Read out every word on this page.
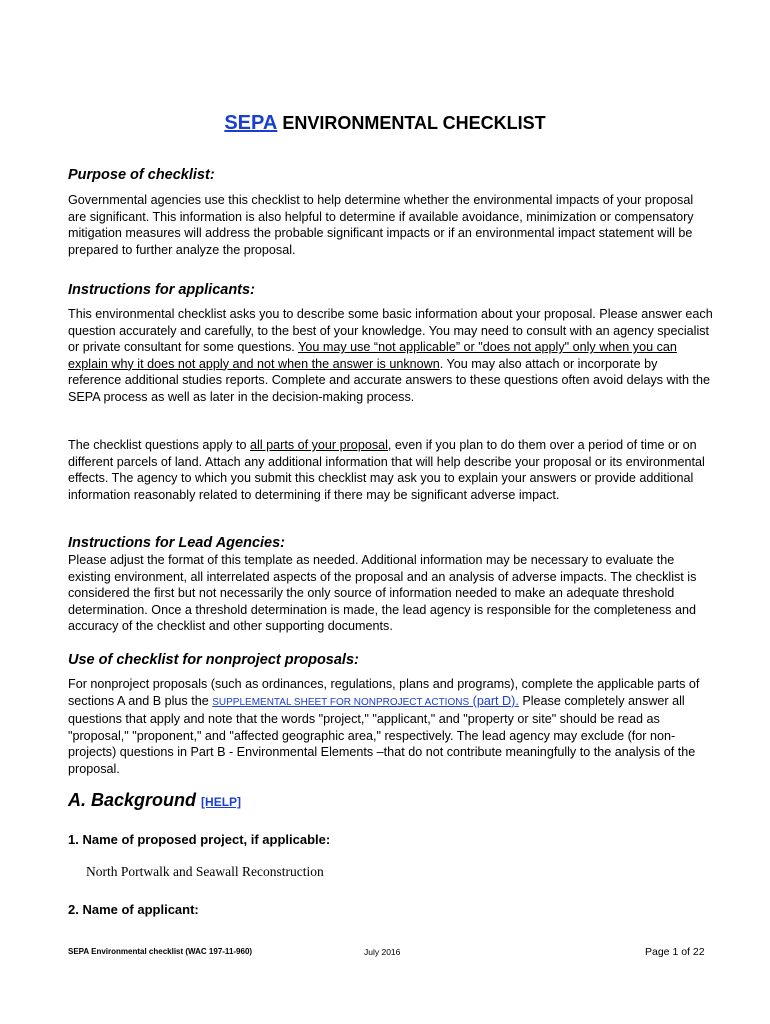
SEPA ENVIRONMENTAL CHECKLIST
Purpose of checklist:
Governmental agencies use this checklist to help determine whether the environmental impacts of your proposal are significant. This information is also helpful to determine if available avoidance, minimization or compensatory mitigation measures will address the probable significant impacts or if an environmental impact statement will be prepared to further analyze the proposal.
Instructions for applicants:
This environmental checklist asks you to describe some basic information about your proposal. Please answer each question accurately and carefully, to the best of your knowledge. You may need to consult with an agency specialist or private consultant for some questions. You may use “not applicable” or "does not apply" only when you can explain why it does not apply and not when the answer is unknown. You may also attach or incorporate by reference additional studies reports. Complete and accurate answers to these questions often avoid delays with the SEPA process as well as later in the decision-making process.
The checklist questions apply to all parts of your proposal, even if you plan to do them over a period of time or on different parcels of land. Attach any additional information that will help describe your proposal or its environmental effects. The agency to which you submit this checklist may ask you to explain your answers or provide additional information reasonably related to determining if there may be significant adverse impact.
Instructions for Lead Agencies:
Please adjust the format of this template as needed. Additional information may be necessary to evaluate the existing environment, all interrelated aspects of the proposal and an analysis of adverse impacts. The checklist is considered the first but not necessarily the only source of information needed to make an adequate threshold determination. Once a threshold determination is made, the lead agency is responsible for the completeness and accuracy of the checklist and other supporting documents.
Use of checklist for nonproject proposals:
For nonproject proposals (such as ordinances, regulations, plans and programs), complete the applicable parts of sections A and B plus the SUPPLEMENTAL SHEET FOR NONPROJECT ACTIONS (part D). Please completely answer all questions that apply and note that the words "project," "applicant," and "property or site" should be read as "proposal," "proponent," and "affected geographic area," respectively. The lead agency may exclude (for non-projects) questions in Part B - Environmental Elements –that do not contribute meaningfully to the analysis of the proposal.
A. Background [HELP]
1. Name of proposed project, if applicable:
North Portwalk and Seawall Reconstruction
2. Name of applicant:
SEPA Environmental checklist (WAC 197-11-960)	July 2016	Page 1 of 22
